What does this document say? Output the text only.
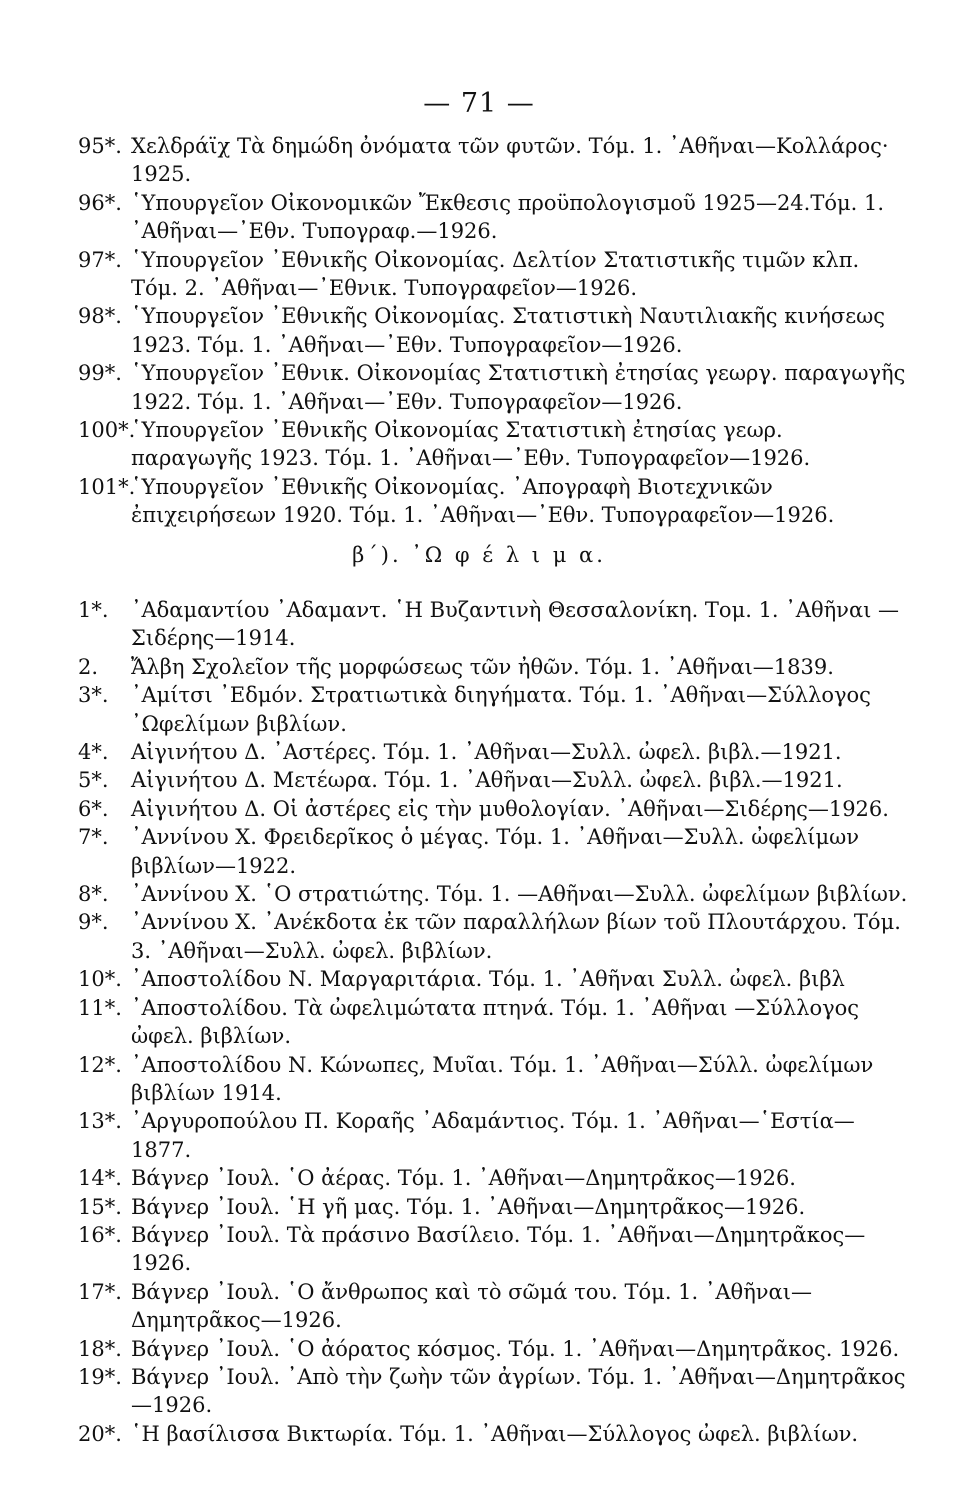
— 71 —
95*. Χελδράϊχ Τὰ δημώδη ὀνόματα τῶν φυτῶν. Τόμ. 1. ᾽Αθῆναι—Κολλάρος· 1925.
96*. ῾Υπουργεῖον Οἰκονομικῶν Ἔκθεσις προϋπολογισμοῦ 1925—24.Τόμ. 1. ᾽Αθῆναι—᾽Εθν. Τυπογραφ.—1926.
97*. ῾Υπουργεῖον ᾽Εθνικῆς Οἰκονομίας. Δελτίον Στατιστικῆς τιμῶν κλπ. Τόμ. 2. ᾽Αθῆναι—᾽Εθνικ. Τυπογραφεῖον—1926.
98*. ῾Υπουργεῖον ᾽Εθνικῆς Οἰκονομίας. Στατιστικὴ Ναυτιλιακῆς κινήσεως 1923. Τόμ. 1. ᾽Αθῆναι—᾽Εθν. Τυπογραφεῖον—1926.
99*. ῾Υπουργεῖον ᾽Εθνικ. Οἰκονομίας Στατιστικὴ ἐτησίας γεωργ. παραγωγῆς 1922. Τόμ. 1. ᾽Αθῆναι—᾽Εθν. Τυπογραφεῖον—1926.
100*.
῾Υπουργεῖον ᾽Εθνικῆς Οἰκονομίας Στατιστικὴ ἐτησίας γεωρ. παραγωγῆς 1923. Τόμ. 1. ᾽Αθῆναι—᾽Εθν. Τυπογραφεῖον—1926.
101*.
῾Υπουργεῖον ᾽Εθνικῆς Οἰκονομίας. ᾽Απογραφὴ Βιοτεχνικῶν ἐπιχειρήσεων 1920. Τόμ. 1. ᾽Αθῆναι—᾽Εθν. Τυπογραφεῖον—1926.
β΄). ᾽Ω φ έ λ ι μ α.
1*. ᾽Αδαμαντίου ᾽Αδαμαντ. ῾Η Βυζαντινὴ Θεσσαλονίκη. Τομ. 1. ᾽Αθῆναι —Σιδέρης—1914.
2. Ἄλβη Σχολεῖον τῆς μορφώσεως τῶν ἠθῶν. Τόμ. 1. ᾽Αθῆναι—1839.
3*. ᾽Αμίτσι ᾽Εδμόν. Στρατιωτικὰ διηγήματα. Τόμ. 1. ᾽Αθῆναι—Σύλλογος ᾽Ωφελίμων βιβλίων.
4*. Αἰγινήτου Δ. ᾽Αστέρες. Τόμ. 1. ᾽Αθῆναι—Συλλ. ὠφελ. βιβλ.—1921.
5*. Αἰγινήτου Δ. Μετέωρα. Τόμ. 1. ᾽Αθῆναι—Συλλ. ὠφελ. βιβλ.—1921.
6*. Αἰγινήτου Δ. Οἱ ἀστέρες εἰς τὴν μυθολογίαν. ᾽Αθῆναι—Σιδέρης—1926.
7*. ᾽Αννίνου Χ. Φρειδερῖκος ὁ μέγας. Τόμ. 1. ᾽Αθῆναι—Συλλ. ὠφελίμων βιβλίων—1922.
8*. ᾽Αννίνου Χ. ῾Ο στρατιώτης. Τόμ. 1. —Αθῆναι—Συλλ. ὠφελίμων βιβλίων.
9*. ᾽Αννίνου Χ. ᾽Ανέκδοτα ἐκ τῶν παραλλήλων βίων τοῦ Πλουτάρχου. Τόμ. 3. ᾽Αθῆναι—Συλλ. ὠφελ. βιβλίων.
10*. ᾽Αποστολίδου Ν. Μαργαριτάρια. Τόμ. 1. ᾽Αθῆναι Συλλ. ὠφελ. βιβλ
11*. ᾽Αποστολίδου. Τὰ ὠφελιμώτατα πτηνά. Τόμ. 1. ᾽Αθῆναι —Σύλλογος ὠφελ. βιβλίων.
12*. ᾽Αποστολίδου Ν. Κώνωπες, Μυῖαι. Τόμ. 1. ᾽Αθῆναι—Σύλλ. ὠφελίμων βιβλίων 1914.
13*. ᾽Αργυροπούλου Π. Κοραῆς ᾽Αδαμάντιος. Τόμ. 1. ᾽Αθῆναι—῾Εστία—1877.
14*. Βάγνερ ᾽Ιουλ. ῾Ο ἀέρας. Τόμ. 1. ᾽Αθῆναι—Δημητρᾶκος—1926.
15*. Βάγνερ ᾽Ιουλ. ῾Η γῆ μας. Τόμ. 1. ᾽Αθῆναι—Δημητρᾶκος—1926.
16*. Βάγνερ ᾽Ιουλ. Τὰ πράσινο Βασίλειο. Τόμ. 1. ᾽Αθῆναι—Δημητρᾶκος—1926.
17*. Βάγνερ ᾽Ιουλ. ῾Ο ἄνθρωπος καὶ τὸ σῶμά του. Τόμ. 1. ᾽Αθῆναι—Δημητρᾶκος—1926.
18*. Βάγνερ ᾽Ιουλ. ῾Ο ἀόρατος κόσμος. Τόμ. 1. ᾽Αθῆναι—Δημητρᾶκος. 1926.
19*. Βάγνερ ᾽Ιουλ. ᾽Απὸ τὴν ζωὴν τῶν ἀγρίων. Τόμ. 1. ᾽Αθῆναι—Δημητρᾶκος—1926.
20*. ῾Η βασίλισσα Βικτωρία. Τόμ. 1. ᾽Αθῆναι—Σύλλογος ὠφελ. βιβλίων.
